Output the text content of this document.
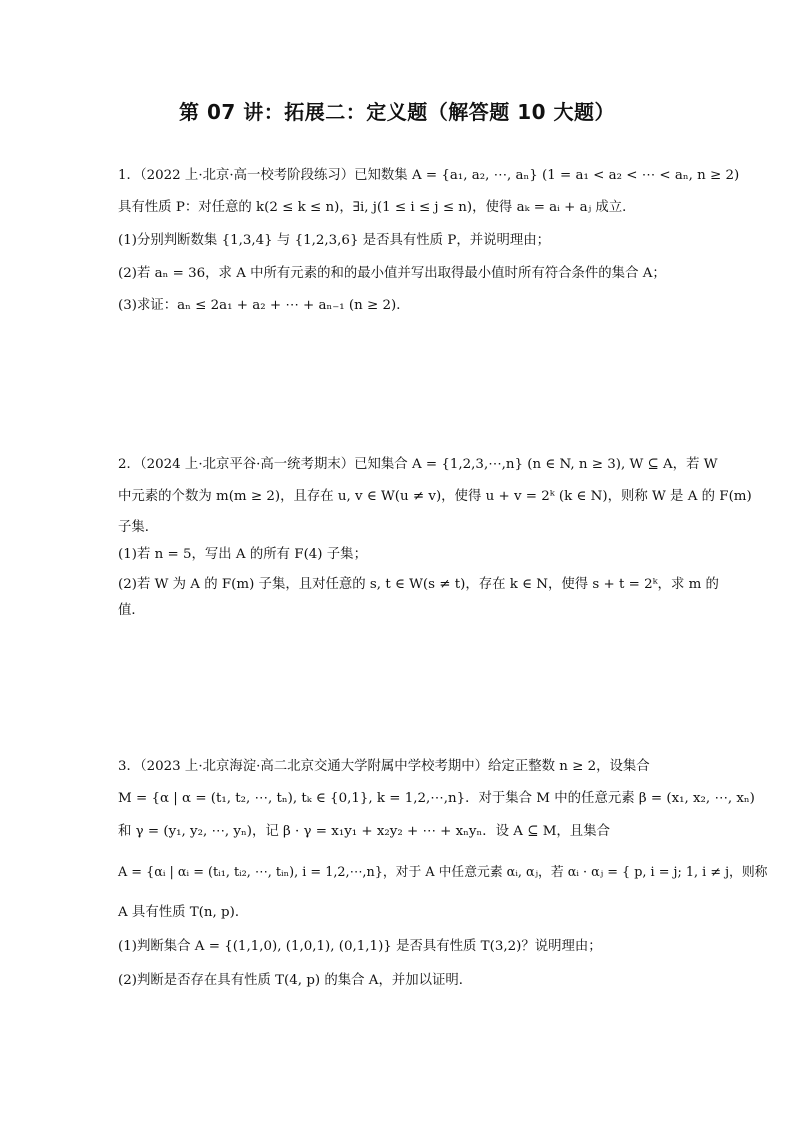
第 07 讲：拓展二：定义题（解答题 10 大题）
1．（2022 上·北京·高一校考阶段练习）已知数集 A = {a₁, a₂, ⋯, aₙ} (1 = a₁ < a₂ < ⋯ < aₙ, n ≥ 2)
具有性质 P：对任意的 k(2 ≤ k ≤ n)，∃i, j(1 ≤ i ≤ j ≤ n)，使得 aₖ = aᵢ + aⱼ 成立．
(1)分别判断数集 {1,3,4} 与 {1,2,3,6} 是否具有性质 P，并说明理由；
(2)若 aₙ = 36，求 A 中所有元素的和的最小值并写出取得最小值时所有符合条件的集合 A；
(3)求证：aₙ ≤ 2a₁ + a₂ + ⋯ + aₙ₋₁ (n ≥ 2)．
2．（2024 上·北京平谷·高一统考期末）已知集合 A = {1,2,3,⋯,n} (n ∈ N, n ≥ 3), W ⊆ A，若 W
中元素的个数为 m(m ≥ 2)，且存在 u, v ∈ W(u ≠ v)，使得 u + v = 2ᵏ (k ∈ N)，则称 W 是 A 的 F(m)
子集．
(1)若 n = 5，写出 A 的所有 F(4) 子集；
(2)若 W 为 A 的 F(m) 子集，且对任意的 s, t ∈ W(s ≠ t)，存在 k ∈ N，使得 s + t = 2ᵏ，求 m 的
值．
3．（2023 上·北京海淀·高二北京交通大学附属中学校考期中）给定正整数 n ≥ 2，设集合
M = {α | α = (t₁, t₂, ⋯, tₙ), tₖ ∈ {0,1}, k = 1,2,⋯,n}．对于集合 M 中的任意元素 β = (x₁, x₂, ⋯, xₙ)
和 γ = (y₁, y₂, ⋯, yₙ)，记 β · γ = x₁y₁ + x₂y₂ + ⋯ + xₙyₙ．设 A ⊆ M，且集合
A = {αᵢ | αᵢ = (tᵢ₁, tᵢ₂, ⋯, tᵢₙ), i = 1,2,⋯,n}，对于 A 中任意元素 αᵢ, αⱼ，若 αᵢ · αⱼ = { p, i = j; 1, i ≠ j，则称
A 具有性质 T(n, p)．
(1)判断集合 A = {(1,1,0), (1,0,1), (0,1,1)} 是否具有性质 T(3,2)？说明理由；
(2)判断是否存在具有性质 T(4, p) 的集合 A，并加以证明．
